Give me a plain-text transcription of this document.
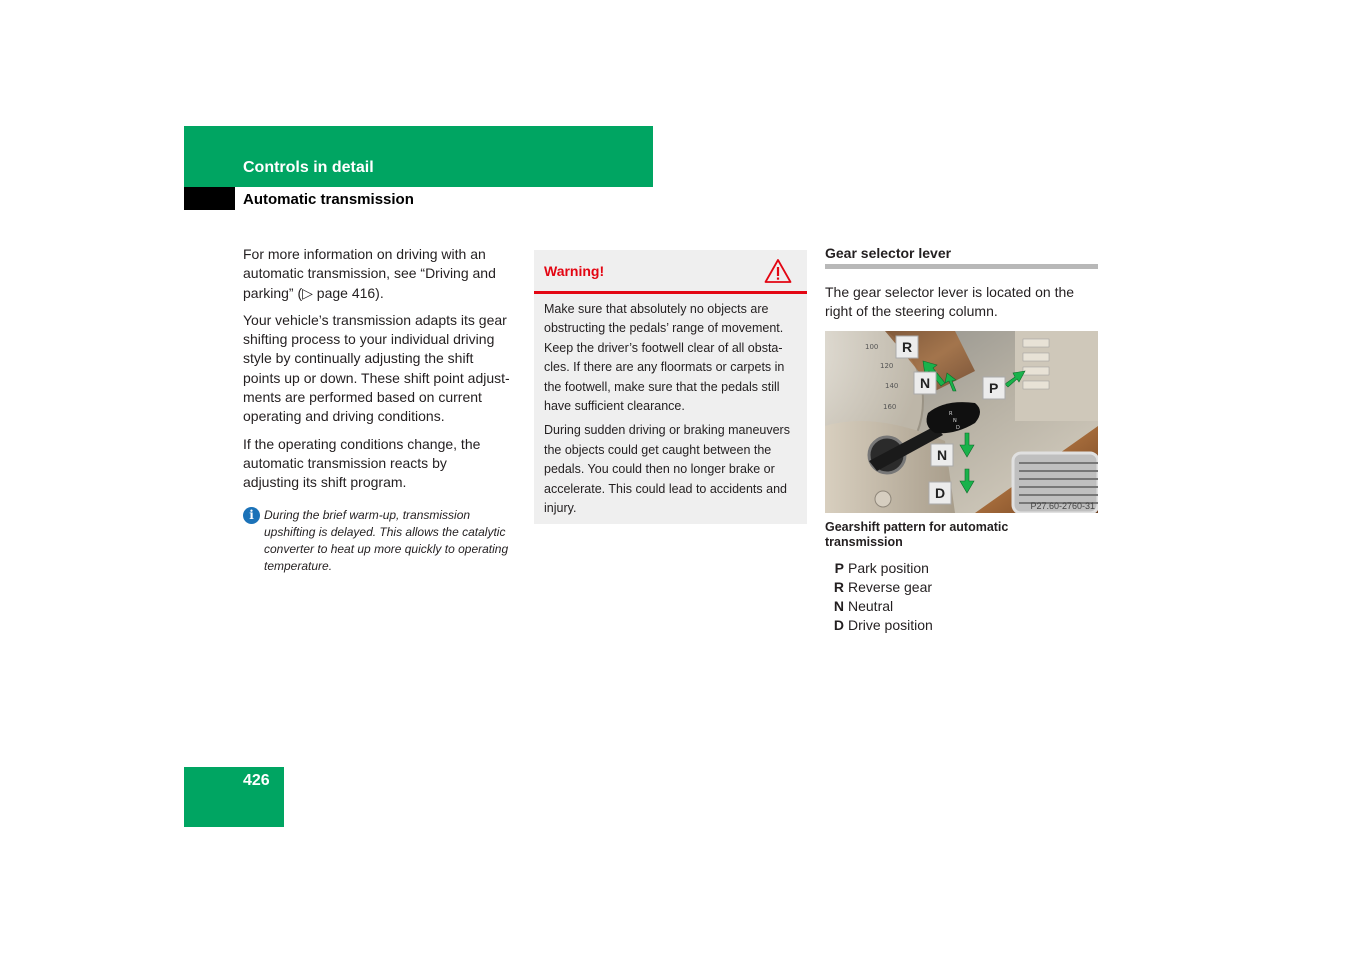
Controls in detail
Automatic transmission

For more information on driving with an
automatic transmission, see “Driving and
parking” (▷ page 416).

Your vehicle’s transmission adapts its gear
shifting process to your individual driving
style by continually adjusting the shift
points up or down. These shift point adjust-
ments are performed based on current
operating and driving conditions.

If the operating conditions change, the
automatic transmission reacts by
adjusting its shift program.

i During the brief warm-up, transmission
upshifting is delayed. This allows the catalytic
converter to heat up more quickly to operating
temperature.
Warning!

Make sure that absolutely no objects are
obstructing the pedals’ range of movement.
Keep the driver’s footwell clear of all obsta-
cles. If there are any floormats or carpets in
the footwell, make sure that the pedals still
have sufficient clearance.

During sudden driving or braking maneuvers
the objects could get caught between the
pedals. You could then no longer brake or
accelerate. This could lead to accidents and
injury.

Gear selector lever
The gear selector lever is located on the
right of the steering column.
100
120
140
160
R
N
D
R
N	P
N
D
P27.60-2760-31
Gearshift pattern for automatic
transmission
P Park position
R Reverse gear
N Neutral
D Drive position
426
